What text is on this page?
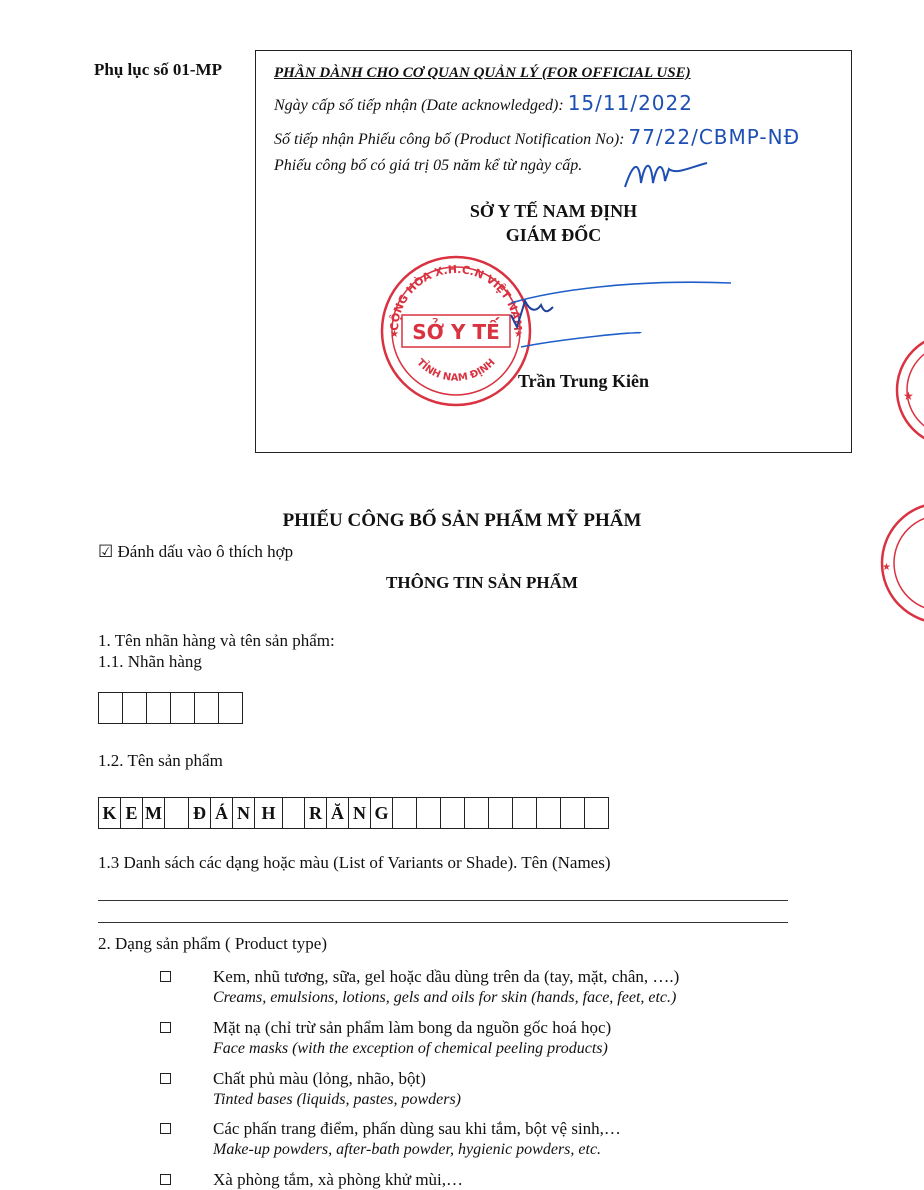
Phụ lục số 01-MP	PHẦN DÀNH CHO CƠ QUAN QUẢN LÝ (FOR OFFICIAL USE)
Ngày cấp số tiếp nhận (Date acknowledged): 15/11/2022
Số tiếp nhận Phiếu công bố (Product Notification No): 77/22/CBMP-NĐ
Phiếu công bố có giá trị 05 năm kể từ ngày cấp.
SỞ Y TẾ NAM ĐỊNH
GIÁM ĐỐC
CỘNG HÒA X.H.C.N VIỆT NAM
TỈNH NAM ĐỊNH
SỞ Y TẾ
★	★
Trần Trung Kiên
★
★
PHIẾU CÔNG BỐ SẢN PHẨM MỸ PHẨM
☑ Đánh dấu vào ô thích hợp
THÔNG TIN SẢN PHẨM
1. Tên nhãn hàng và tên sản phẩm:
1.1. Nhãn hàng
1.2. Tên sản phẩm
K E M Đ Á N H	R Ă N G
1.3 Danh sách các dạng hoặc màu (List of Variants or Shade). Tên (Names)
2. Dạng sản phẩm ( Product type)
Kem, nhũ tương, sữa, gel hoặc dầu dùng trên da (tay, mặt, chân, ….)
Creams, emulsions, lotions, gels and oils for skin (hands, face, feet, etc.)
Mặt nạ (chỉ trừ sản phẩm làm bong da nguồn gốc hoá học)
Face masks (with the exception of chemical peeling products)
Chất phủ màu (lỏng, nhão, bột)
Tinted bases (liquids, pastes, powders)
Các phấn trang điểm, phấn dùng sau khi tắm, bột vệ sinh,…
Make-up powders, after-bath powder, hygienic powders, etc.
Xà phòng tắm, xà phòng khử mùi,…
